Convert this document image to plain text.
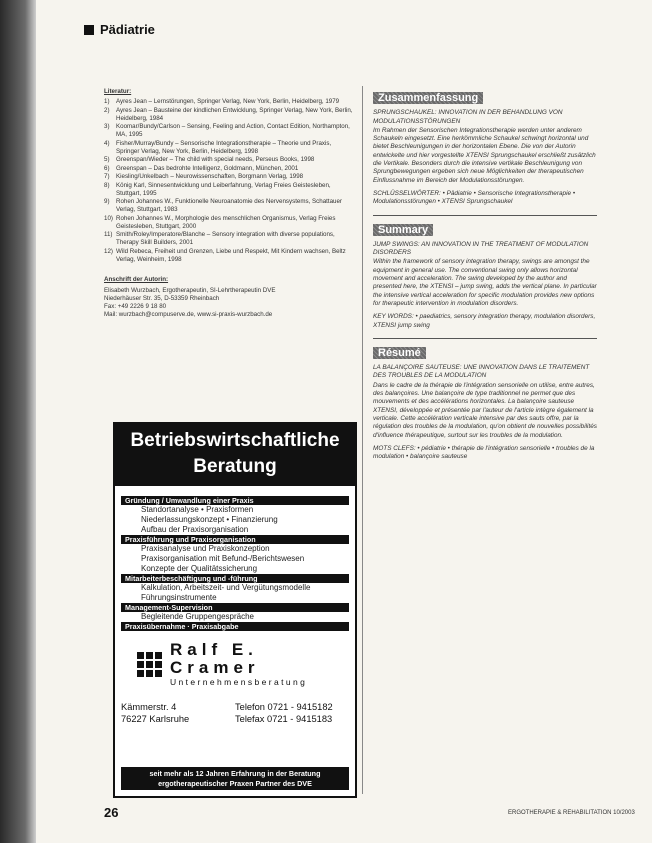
Pädiatrie
Literatur:
1)	Ayres Jean – Lernstörungen, Springer Verlag, New York, Berlin, Heidelberg, 1979
2)	Ayres Jean – Bausteine der kindlichen Entwicklung, Springer Verlag, New York, Berlin, Heidelberg, 1984
3)	Koomar/Bundy/Carlson – Sensing, Feeling and Action, Contact Edition, Northampton, MA, 1995
4)	Fisher/Murray/Bundy – Sensorische Integrationstherapie – Theorie und Praxis, Springer Verlag, New York, Berlin, Heidelberg, 1998
5)	Greenspan/Wieder – The child with special needs, Perseus Books, 1998
6)	Greenspan – Das bedrohte Intelligenz, Goldmann, München, 2001
7)	Kiesling/Unkelbach – Neurowissenschaften, Borgmann Verlag, 1998
8)	König Karl, Sinnesentwicklung und Leiberfahrung, Verlag Freies Geistesleben, Stuttgart, 1995
9)	Rohen Johannes W., Funktionelle Neuroanatomie des Nervensystems, Schattauer Verlag, Stuttgart, 1983
10) Rohen Johannes W., Morphologie des menschlichen Organismus, Verlag Freies Geistesleben, Stuttgart, 2000
11) Smith/Roley/Imperatore/Blanche – Sensory integration with diverse populations, Therapy Skill Builders, 2001
12) Wild Rebeca, Freiheit und Grenzen, Liebe und Respekt, Mit Kindern wachsen, Beltz Verlag, Weinheim, 1998
Anschrift der Autorin:
Elisabeth Wurzbach, Ergotherapeutin, SI-Lehrtherapeutin DVE
Niederhäuser Str. 35, D-53359 Rheinbach
Fax: +49 2226 9 18 80
Mail: wurzbach@compuserve.de, www.si-praxis-wurzbach.de
Betriebswirtschaftliche Beratung
Gründung / Umwandlung einer Praxis
Standortanalyse • Praxisformen
Niederlassungskonzept • Finanzierung
Aufbau der Praxisorganisation
Praxisführung und Praxisorganisation
Praxisanalyse und Praxiskonzeption
Praxisorganisation mit Befund-/Berichtswesen
Konzepte der Qualitätssicherung
Mitarbeiterbeschäftigung und -führung
Kalkulation, Arbeitszeit- und Vergütungsmodelle
Führungsinstrumente
Management-Supervision
Begleitende Gruppengespräche
Praxisübernahme · Praxisabgabe
Ralf E. Cramer
Unternehmensberatung
Kämmerstr. 4	Telefon 0721 - 9415182
76227 Karlsruhe	Telefax 0721 - 9415183
seit mehr als 12 Jahren Erfahrung in der Beratung ergotherapeutischer Praxen Partner des DVE
Zusammenfassung
SPRUNGSCHAUKEL: INNOVATION IN DER BEHANDLUNG VON MODULATIONSSTÖRUNGEN
Im Rahmen der Sensorischen Integrationstherapie werden unter anderem Schaukeln eingesetzt. Eine herkömmliche Schaukel schwingt horizontal und bietet Beschleunigungen in der horizontalen Ebene. Die von der Autorin entwickelte und hier vorgestellte XTENSI Sprungschaukel erschließt zusätzlich die Vertikale. Besonders durch die intensive vertikale Beschleunigung von Sprungbewegungen ergeben sich neue Möglichkeiten der therapeutischen Einflussnahme im Bereich der Modulationsstörungen.
SCHLÜSSELWÖRTER: • Pädiatrie • Sensorische Integrationstherapie • Modulationsstörungen • XTENSI Sprungschaukel
Summary
JUMP SWINGS: AN INNOVATION IN THE TREATMENT OF MODULATION DISORDERS
Within the framework of sensory integration therapy, swings are amongst the equipment in general use. The conventional swing only allows horizontal movement and acceleration. The swing developed by the author and presented here, the XTENSI – jump swing, adds the vertical plane. In particular the intensive vertical acceleration for specific modulation provides new options for therapeutic intervention in modulation disorders.
KEY WORDS: • paediatrics, sensory integration therapy, modulation disorders, XTENSI jump swing
Résumé
LA BALANÇOIRE SAUTEUSE: UNE INNOVATION DANS LE TRAITEMENT DES TROUBLES DE LA MODULATION
Dans le cadre de la thérapie de l'intégration sensorielle on utilise, entre autres, des balançoires. Une balançoire de type traditionnel ne permet que des mouvements et des accélérations horizontales. La balançoire sauteuse XTENSI, développée et présentée par l'auteur de l'article intègre également la verticale. Cette accélération verticale intensive par des sauts offre, par la régulation des troubles de la modulation, qu'on obtient de nouvelles possibilités d'influence thérapeutique, surtout sur les troubles de la modulation.
MOTS CLEFS: • pédiatrie • thérapie de l'intégration sensorielle • troubles de la modulation • balançoire sauteuse
26	ERGOTHERAPIE & REHABILITATION 10/2003
